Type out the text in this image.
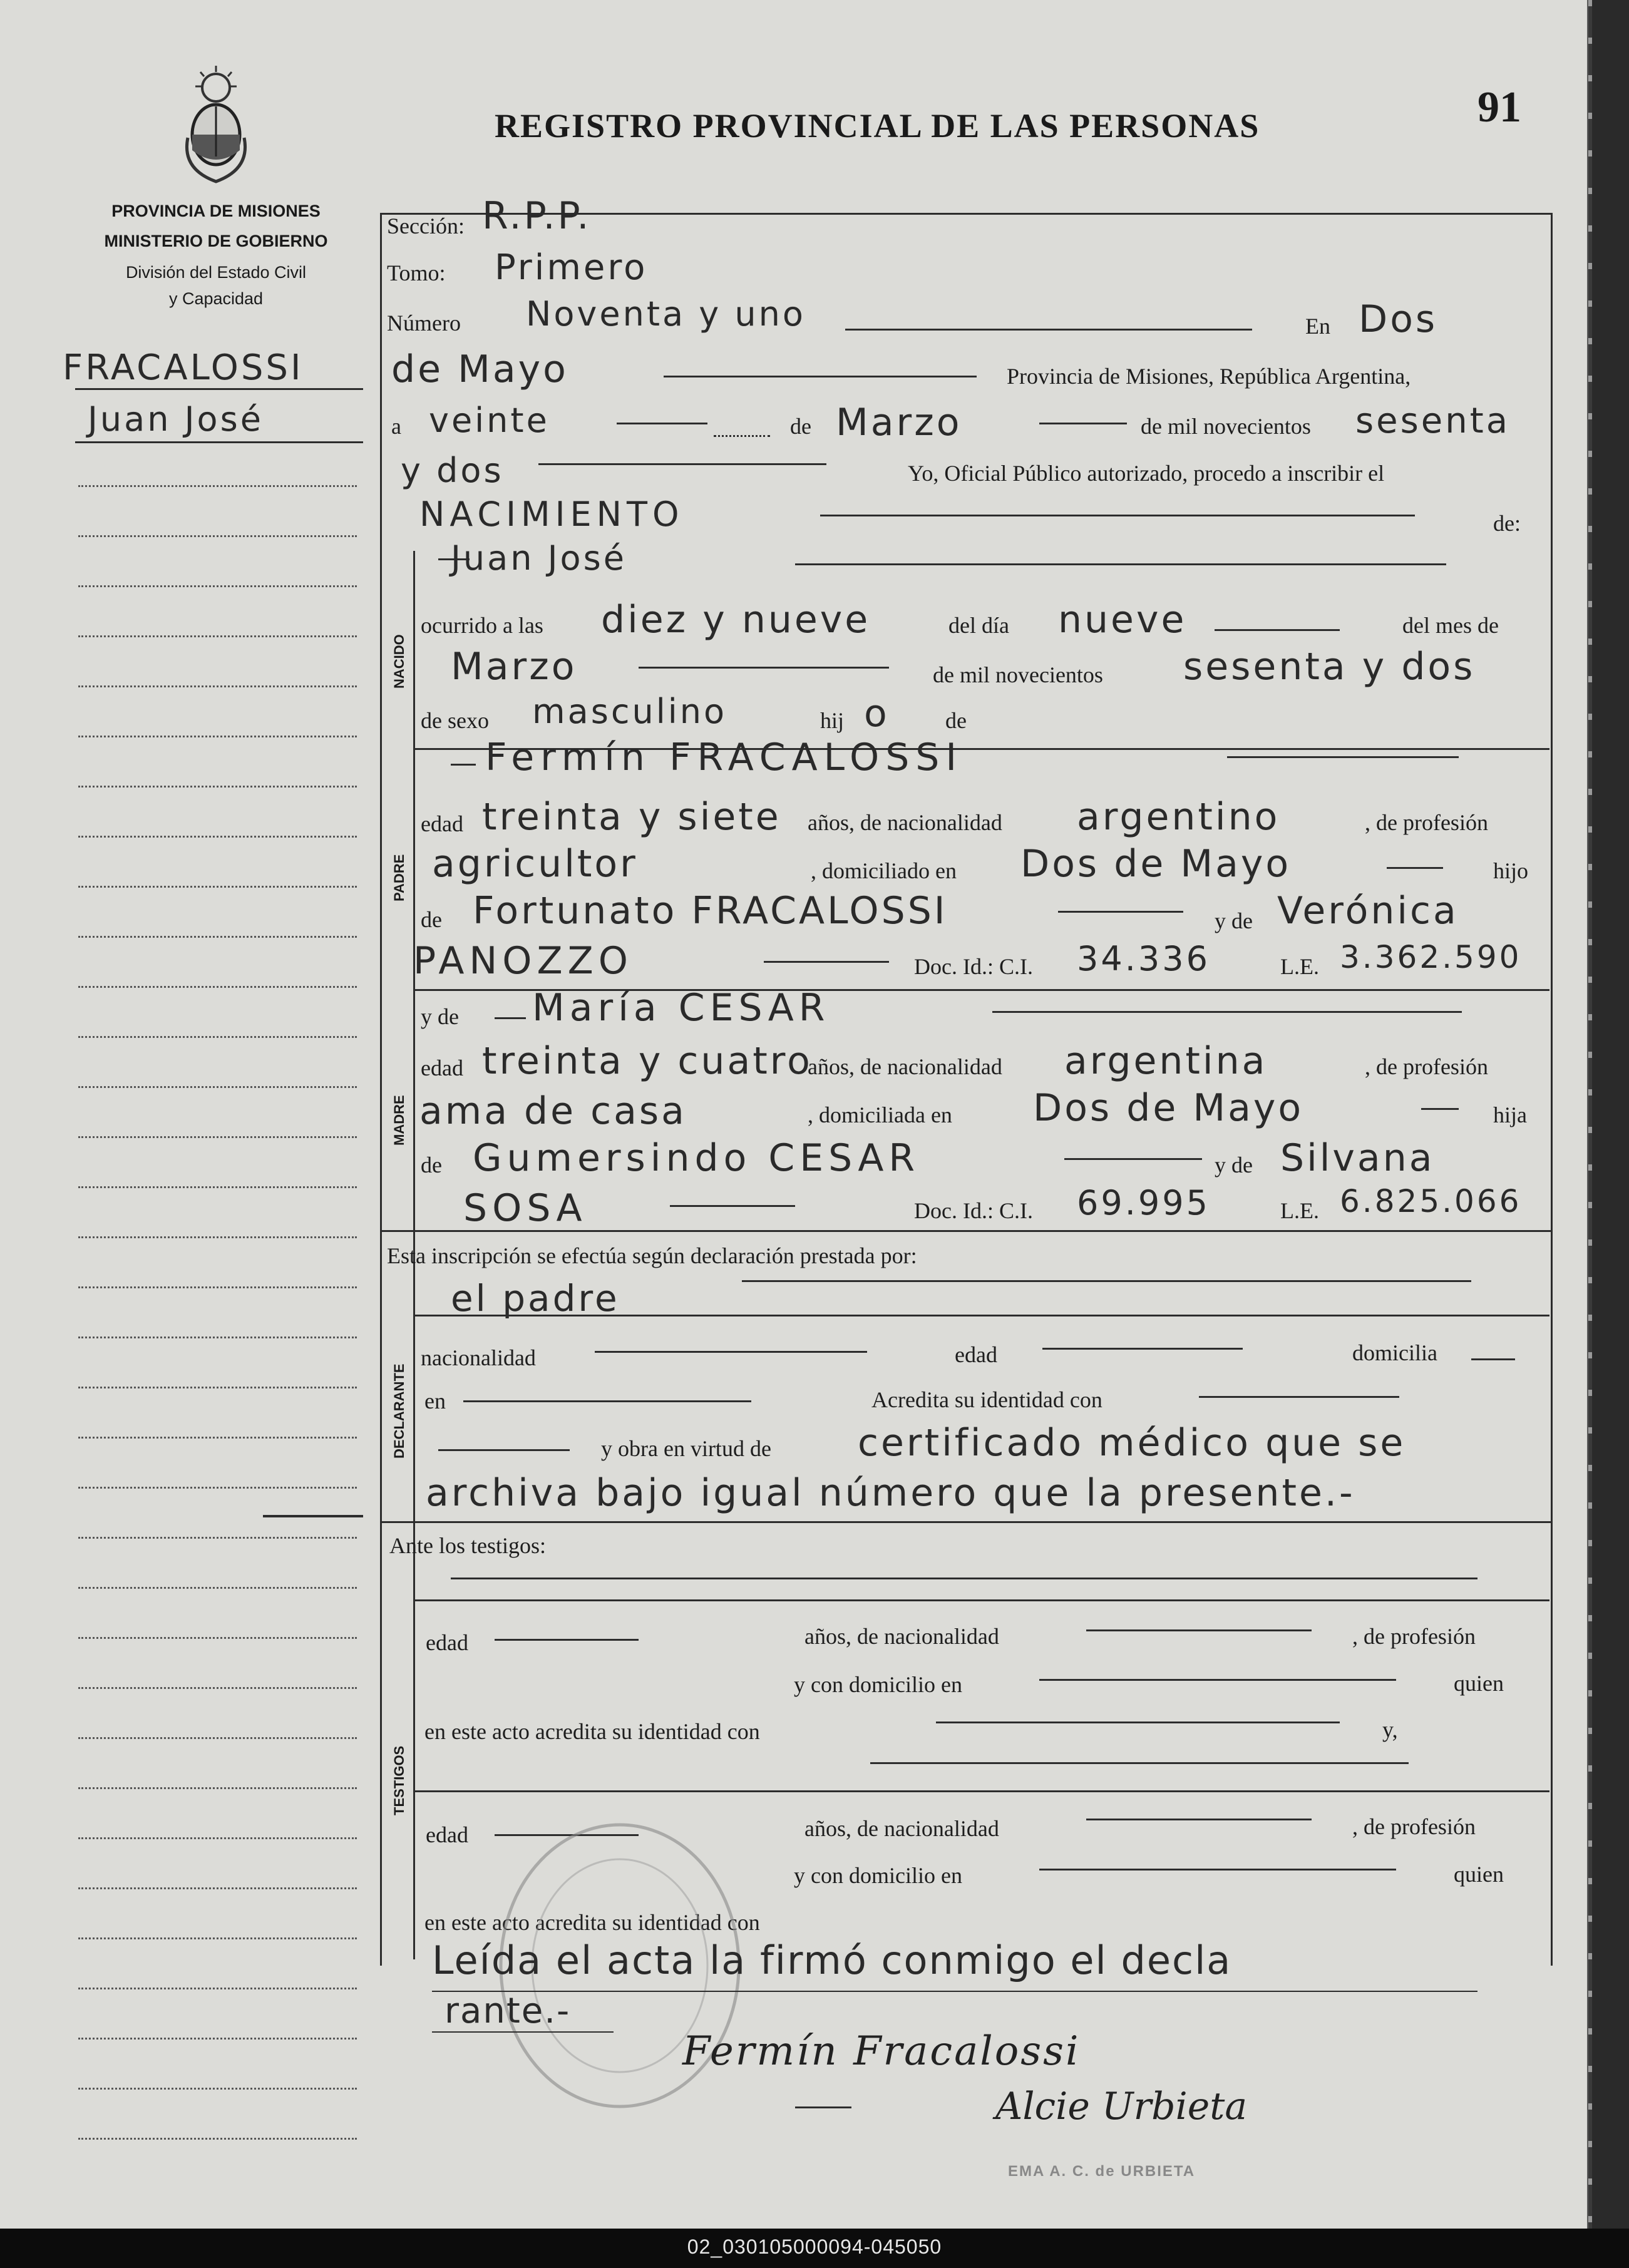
PROVINCIA DE MISIONES
MINISTERIO DE GOBIERNO
División del Estado Civil
y Capacidad
REGISTRO PROVINCIAL DE LAS PERSONAS	91
FRACALOSSI
Juan José
Sección: R.P.P.
Tomo: Primero
Número Noventa y uno	En Dos
de Mayo	Provincia de Misiones, República Argentina,
a veinte	de Marzo	de mil novecientos sesenta
y dos	Yo, Oficial Público autorizado, procedo a inscribir el
NACIMIENTO	de:
NACIDO
Juan José
ocurrido a las diez y nueve	del día nueve	del mes de
Marzo	de mil novecientos sesenta y dos
de sexo masculino	hij o de
PADRE
Fermín FRACALOSSI
edad treinta y siete años, de nacionalidad argentino	, de profesión
agricultor	, domiciliado en Dos de Mayo	hijo
de Fortunato FRACALOSSI	y de Verónica
PANOZZO	Doc. Id.: C.I. 34.336	L.E. 3.362.590
MADRE
y de María CESAR
edad treinta y cuatro
años, de nacionalidad argentina	, de profesión
ama de casa	, domiciliada en Dos de Mayo	hija
de Gumersindo CESAR	y de Silvana
SOSA	Doc. Id.: C.I. 69.995	L.E. 6.825.066
Esta inscripción se efectúa según declaración prestada por:
DECLARANTE
el padre
nacionalidad	edad	domicilia
en	Acredita su identidad con
y obra en virtud de certificado médico que se
archiva bajo igual número que la presente.-
Ante los testigos:
TESTIGOS
edad	años, de nacionalidad	, de profesión
y con domicilio en	quien
en este acto acredita su identidad con	y,
edad	años, de nacionalidad	, de profesión
y con domicilio en	quien
en este acto acredita su identidad con
Leída el acta la firmó conmigo el decla
rante.-
Fermín Fracalossi
Alcie Urbieta
EMA A. C. de URBIETA
02_030105000094-045050
